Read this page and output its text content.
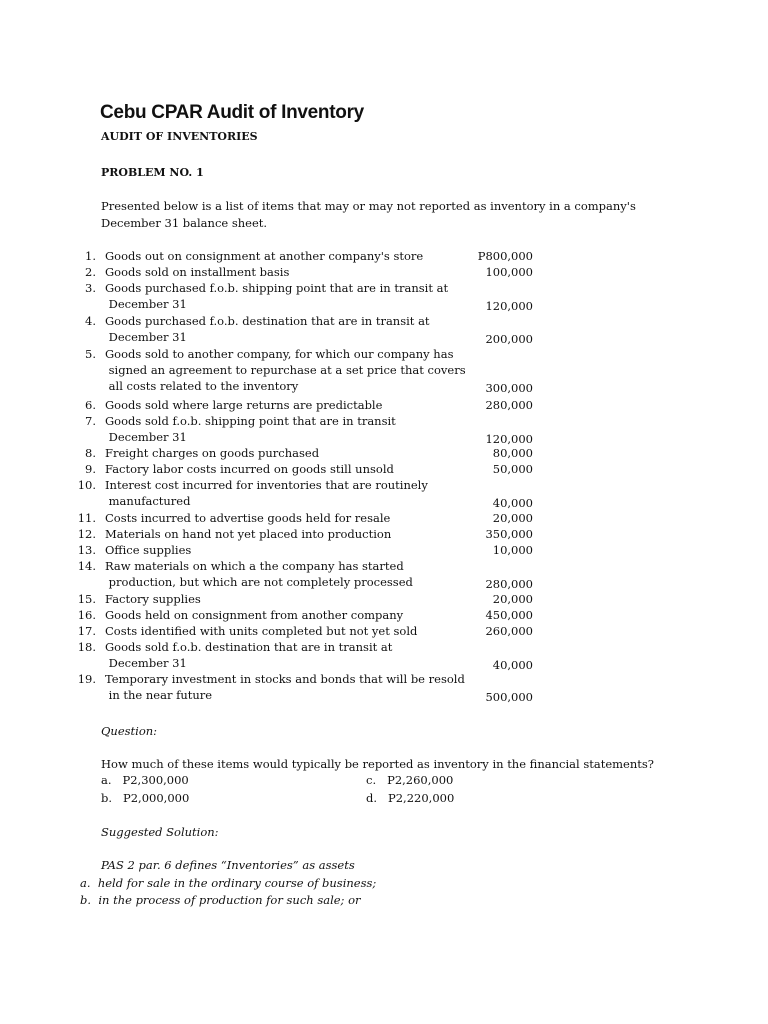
Cebu CPAR Audit of Inventory
AUDIT OF INVENTORIES
PROBLEM NO. 1
Presented below is a list of items that may or may not reported as inventory in a company's December 31 balance sheet.
1. Goods out on consignment at another company's store	P800,000
2. Goods sold on installment basis	100,000
3. Goods purchased f.o.b. shipping point that are in transit at
December 31	120,000
4. Goods purchased f.o.b. destination that are in transit at
December 31	200,000
5. Goods sold to another company, for which our company has
signed an agreement to repurchase at a set price that covers
all costs related to the inventory	300,000
6. Goods sold where large returns are predictable	280,000
7. Goods sold f.o.b. shipping point that are in transit
December 31	120,000
8. Freight charges on goods purchased	80,000
9. Factory labor costs incurred on goods still unsold	50,000
10. Interest cost incurred for inventories that are routinely
manufactured	40,000
11. Costs incurred to advertise goods held for resale	20,000
12. Materials on hand not yet placed into production	350,000
13. Office supplies	10,000
14. Raw materials on which a the company has started
production, but which are not completely processed	280,000
15. Factory supplies	20,000
16. Goods held on consignment from another company	450,000
17. Costs identified with units completed but not yet sold	260,000
18. Goods sold f.o.b. destination that are in transit at
December 31	40,000
19. Temporary investment in stocks and bonds that will be resold
in the near future	500,000
Question:
How much of these items would typically be reported as inventory in the financial statements?
a. P2,300,000
b. P2,000,000
c. P2,260,000
d. P2,220,000
Suggested Solution:
PAS 2 par. 6 defines “Inventories” as assets
a. held for sale in the ordinary course of business;
b. in the process of production for such sale; or
